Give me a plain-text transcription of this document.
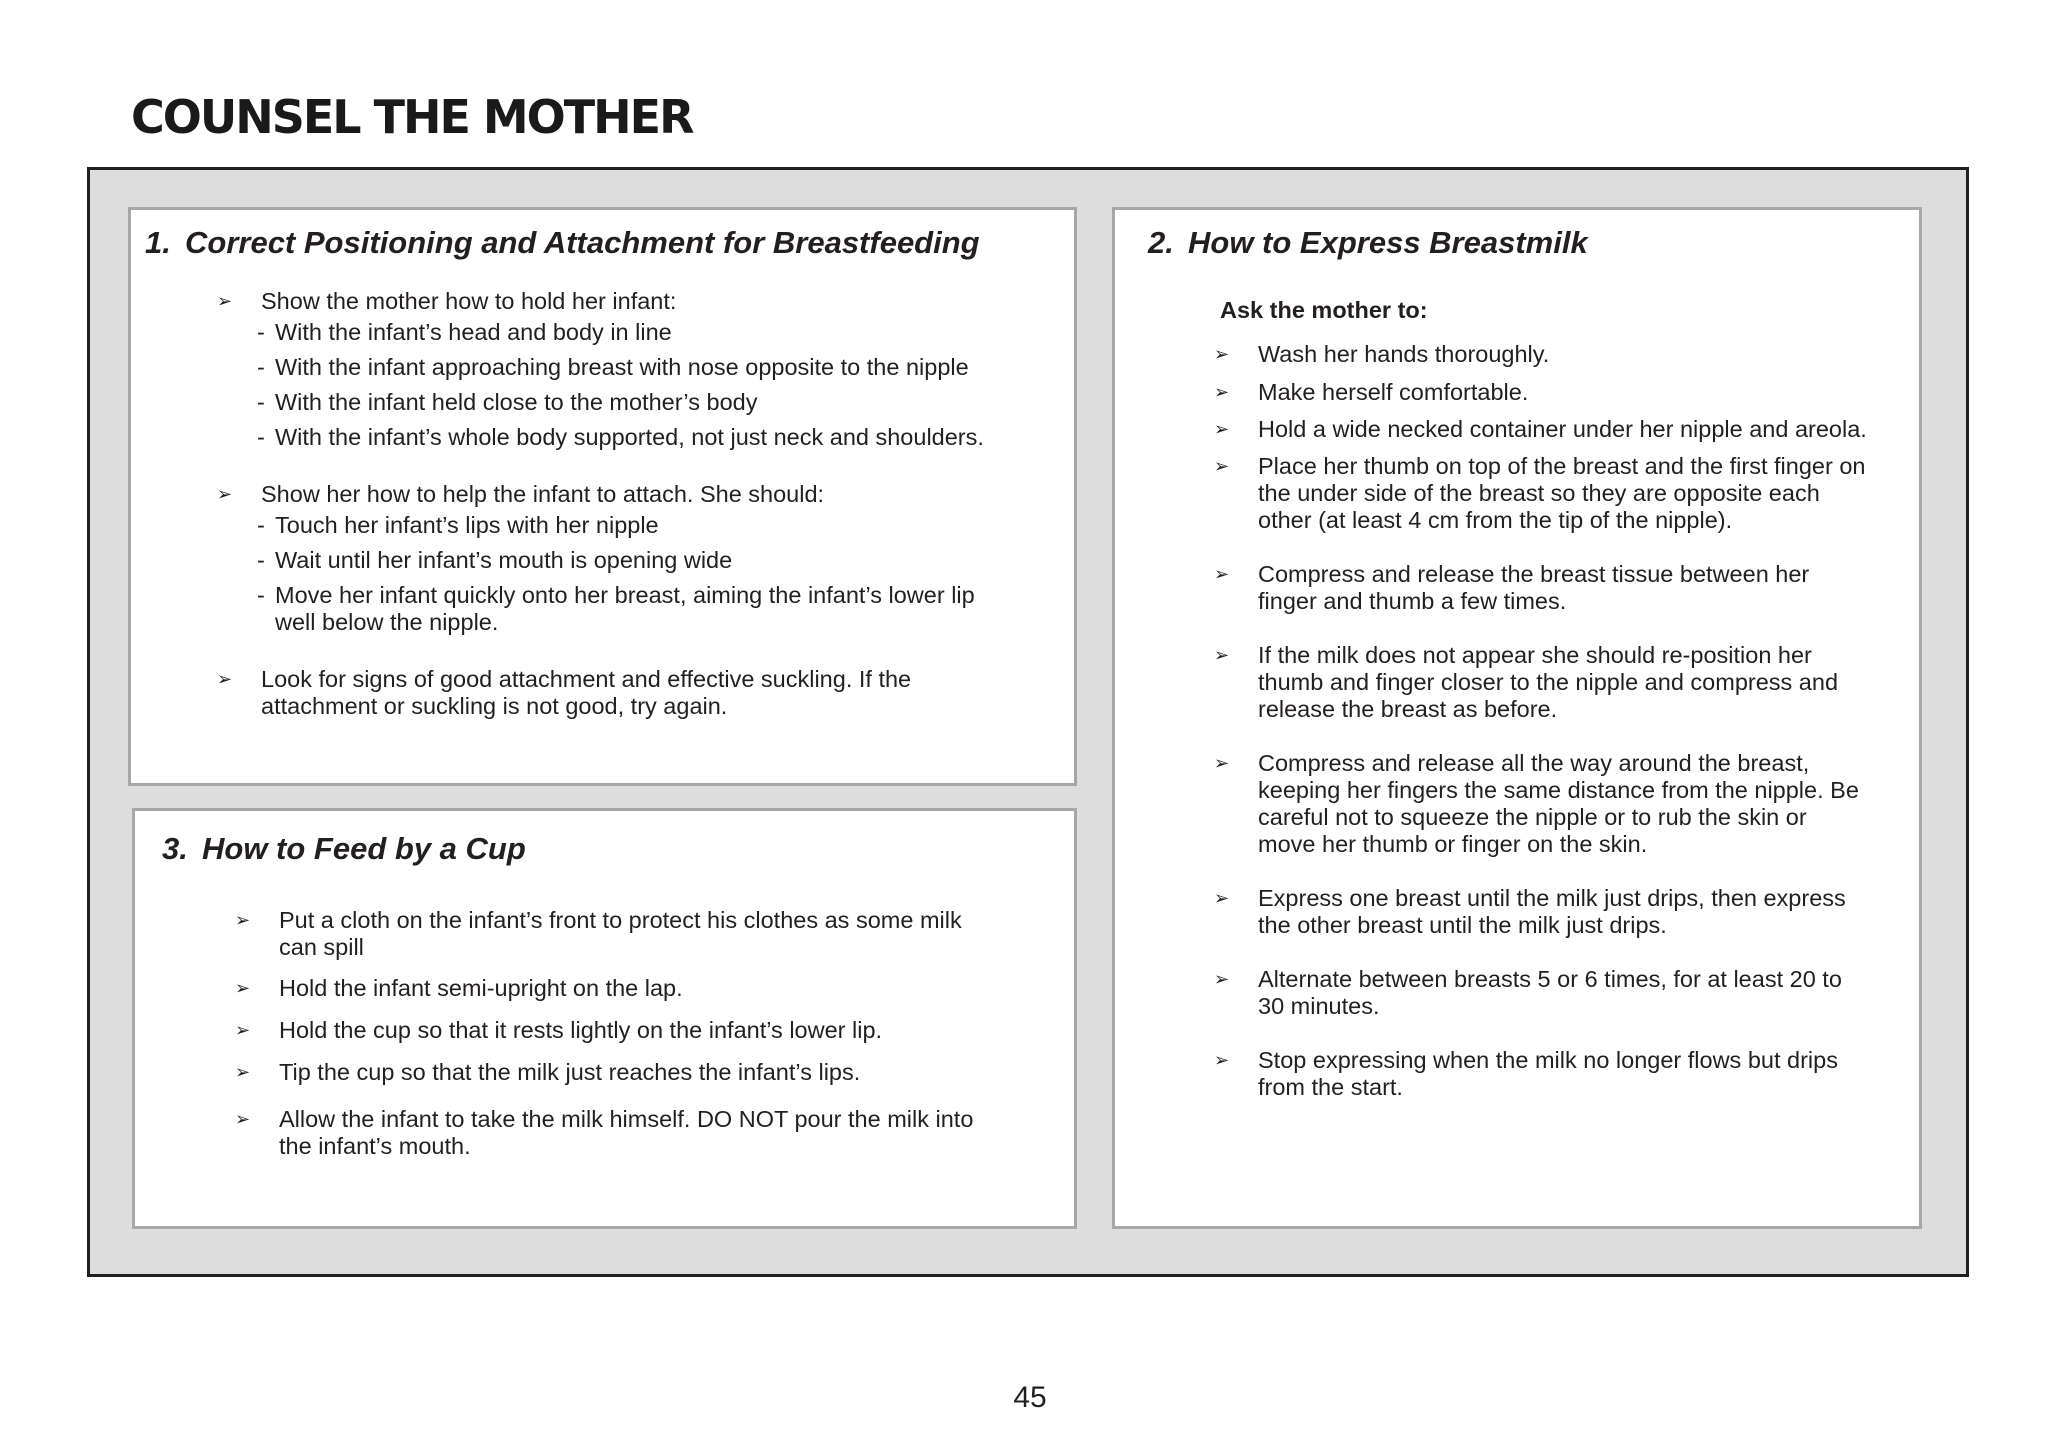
COUNSEL THE MOTHER
1. Correct Positioning and Attachment for Breastfeeding
➢ Show the mother how to hold her infant:
- With the infant’s head and body in line
- With the infant approaching breast with nose opposite to the nipple
- With the infant held close to the mother’s body
- With the infant’s whole body supported, not just neck and shoulders.
➢ Show her how to help the infant to attach. She should:
- Touch her infant’s lips with her nipple
- Wait until her infant’s mouth is opening wide
- Move her infant quickly onto her breast, aiming the infant’s lower lip well below the nipple.
➢ Look for signs of good attachment and effective suckling. If the attachment or suckling is not good, try again.
3. How to Feed by a Cup
➢ Put a cloth on the infant’s front to protect his clothes as some milk can spill
➢ Hold the infant semi-upright on the lap.
➢ Hold the cup so that it rests lightly on the infant’s lower lip.
➢ Tip the cup so that the milk just reaches the infant’s lips.
➢ Allow the infant to take the milk himself. DO NOT pour the milk into the infant’s mouth.
2. How to Express Breastmilk
Ask the mother to:
➢ Wash her hands thoroughly.
➢ Make herself comfortable.
➢ Hold a wide necked container under her nipple and areola.
➢ Place her thumb on top of the breast and the first finger on the under side of the breast so they are opposite each other (at least 4 cm from the tip of the nipple).
➢ Compress and release the breast tissue between her finger and thumb a few times.
➢ If the milk does not appear she should re-position her thumb and finger closer to the nipple and compress and release the breast as before.
➢ Compress and release all the way around the breast, keeping her fingers the same distance from the nipple. Be careful not to squeeze the nipple or to rub the skin or move her thumb or finger on the skin.
➢ Express one breast until the milk just drips, then express the other breast until the milk just drips.
➢ Alternate between breasts 5 or 6 times, for at least 20 to 30 minutes.
➢ Stop expressing when the milk no longer flows but drips from the start.
45
